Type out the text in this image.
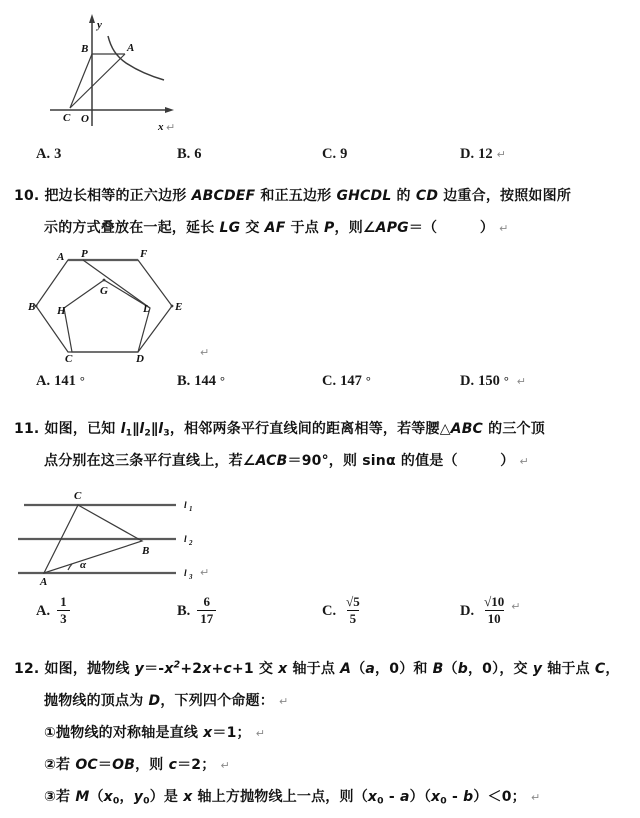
B	A
C O
y
x ↵
A. 3	B. 6	C. 9	D. 12 ↵
10. 把边长相等的正六边形 ABCDEF 和正五边形 GHCDL 的 CD 边重合，按照如图所
示的方式叠放在一起，延长 LG 交 AF 于点 P，则∠APG＝（　　　） ↵
A P	F
B	E
G
H	L
C	D	↵
A. 141 °	B. 144 °	C. 147 °	D. 150 ° ↵
11. 如图，已知 $l_1\parallel l_2\parallel l_3$，相邻两条平行直线间的距离相等，若等腰△ABC 的三个顶
点分别在这三条平行直线上，若∠ACB＝90°，则 sinα 的值是（　　　） ↵
C
B
A
α
l 1
l 2
l 3 ↵
A. $\frac{1}{3}$	B. $\frac{6}{17}$	C. $\frac{√5}{5}$	D. $\frac{√10}{10}$ ↵
12. 如图，抛物线 $y=-x^2+2x+c+1$ 交 x 轴于点 A（a，0）和 B（b，0），交 y 轴于点 C，
抛物线的顶点为 D，下列四个命题： ↵
①抛物线的对称轴是直线 x＝1； ↵
②若 OC＝OB，则 c＝2； ↵
③若 $M(x_0$，$y_0$）是 x 轴上方抛物线上一点，则$(x_0 - a)(x_0 - b)<0$； ↵
